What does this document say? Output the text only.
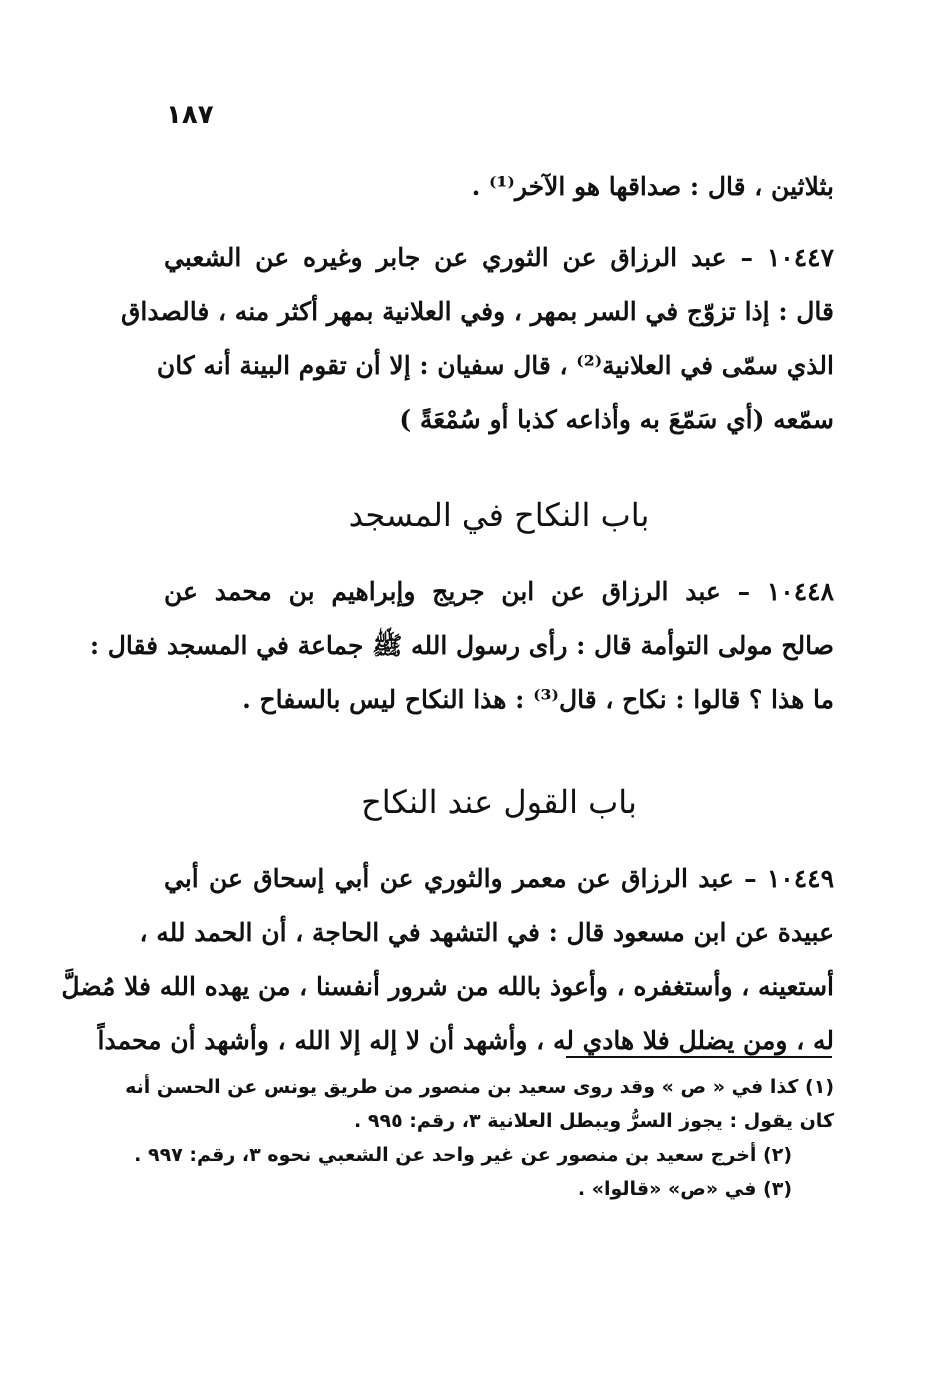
١٨٧
بثلاثين ، قال : صداقها هو الآخر⁽¹⁾ .
١٠٤٤٧ – عبد الرزاق عن الثوري عن جابر وغيره عن الشعبي
قال : إذا تزوّج في السر بمهر ، وفي العلانية بمهر أكثر منه ، فالصداق
الذي سمّى في العلانية⁽²⁾ ، قال سفيان : إلا أن تقوم البينة أنه كان
سمّعه (أي سَمّعَ به وأذاعه كذبا أو سُمْعَةً )
باب النكاح في المسجد
١٠٤٤٨ – عبد الرزاق عن ابن جريج وإبراهيم بن محمد عن
صالح مولى التوأمة قال : رأى رسول الله ﷺ جماعة في المسجد فقال :
ما هذا ؟ قالوا : نكاح ، قال⁽³⁾ : هذا النكاح ليس بالسفاح .
باب القول عند النكاح
١٠٤٤٩ – عبد الرزاق عن معمر والثوري عن أبي إسحاق عن أبي
عبيدة عن ابن مسعود قال : في التشهد في الحاجة ، أن الحمد لله ،
أستعينه ، وأستغفره ، وأعوذ بالله من شرور أنفسنا ، من يهده الله فلا مُضلَّ
له ، ومن يضلل فلا هادي له ، وأشهد أن لا إله إلا الله ، وأشهد أن محمداً
(١) كذا في « ص » وقد روى سعيد بن منصور من طريق يونس عن الحسن أنه
كان يقول : يجوز السرُّ ويبطل العلانية ٣، رقم: ٩٩٥ .
(٢) أخرج سعيد بن منصور عن غير واحد عن الشعبي نحوه ٣، رقم: ٩٩٧ .
(٣) في «ص» «قالوا» .
